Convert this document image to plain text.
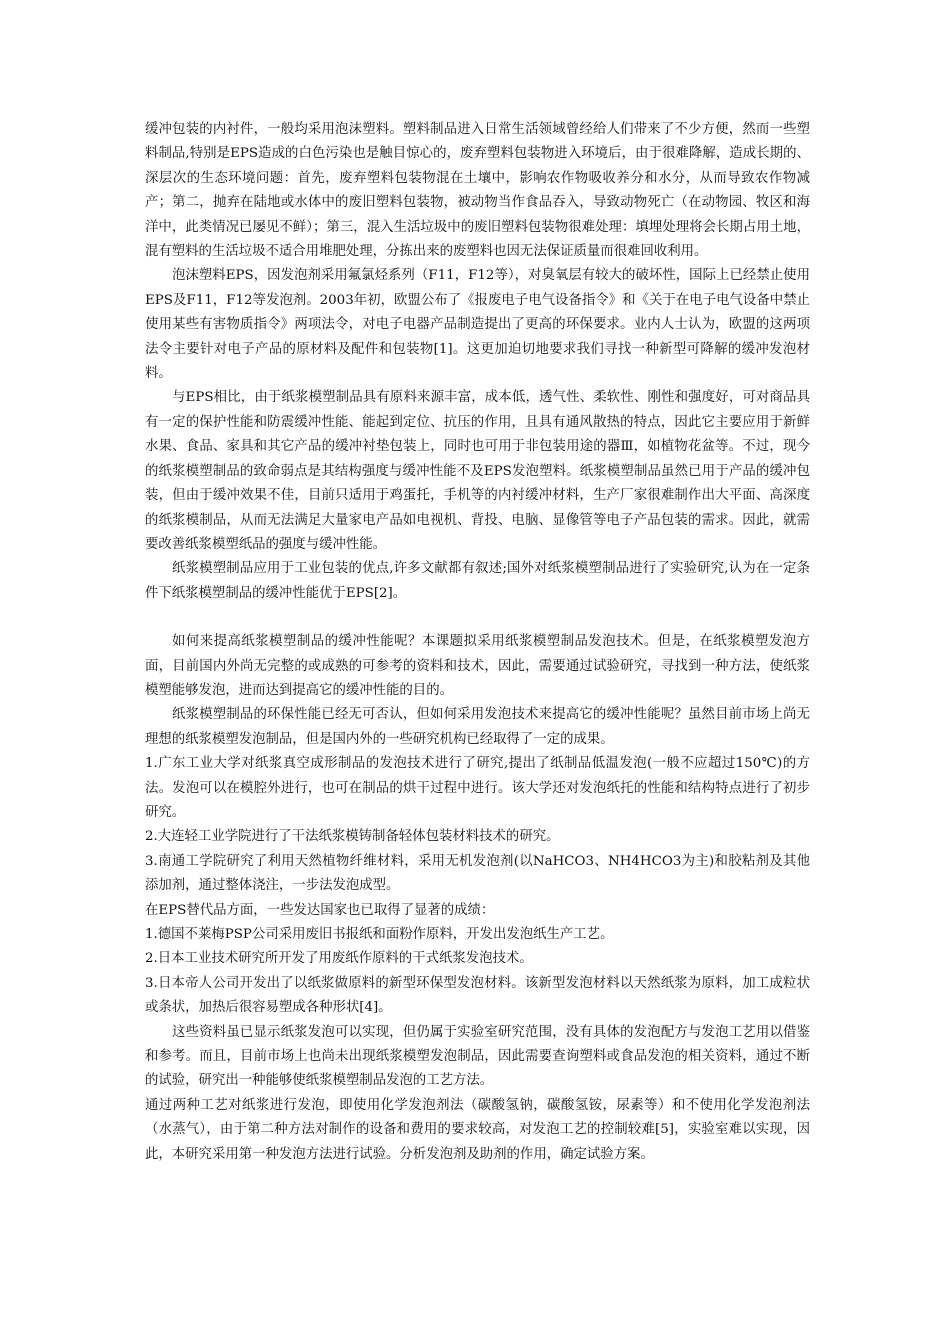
缓冲包装的内衬件，一般均采用泡沫塑料。塑料制品进入日常生活领域曾经给人们带来了不少方便，然而一些塑料制品,特别是EPS造成的白色污染也是触目惊心的，废弃塑料包装物进入环境后，由于很难降解，造成长期的、深层次的生态环境问题：首先，废弃塑料包装物混在土壤中，影响农作物吸收养分和水分，从而导致农作物减产；第二，抛弃在陆地或水体中的废旧塑料包装物，被动物当作食品吞入，导致动物死亡（在动物园、牧区和海洋中，此类情况已屡见不鲜）；第三，混入生活垃圾中的废旧塑料包装物很难处理：填埋处理将会长期占用土地，混有塑料的生活垃圾不适合用堆肥处理，分拣出来的废塑料也因无法保证质量而很难回收利用。

泡沫塑料EPS，因发泡剂采用氟氯烃系列（F11，F12等），对臭氧层有较大的破坏性，国际上已经禁止使用EPS及F11，F12等发泡剂。2003年初，欧盟公布了《报废电子电气设备指令》和《关于在电子电气设备中禁止使用某些有害物质指令》两项法令，对电子电器产品制造提出了更高的环保要求。业内人士认为，欧盟的这两项法令主要针对电子产品的原材料及配件和包装物[1]。这更加迫切地要求我们寻找一种新型可降解的缓冲发泡材料。

与EPS相比，由于纸浆模塑制品具有原料来源丰富，成本低，透气性、柔软性、刚性和强度好，可对商品具有一定的保护性能和防震缓冲性能、能起到定位、抗压的作用，且具有通风散热的特点，因此它主要应用于新鲜水果、食品、家具和其它产品的缓冲衬垫包装上，同时也可用于非包装用途的器Ⅲ，如植物花盆等。不过，现今的纸浆模塑制品的致命弱点是其结构强度与缓冲性能不及EPS发泡塑料。纸浆模塑制品虽然已用于产品的缓冲包装，但由于缓冲效果不佳，目前只适用于鸡蛋托，手机等的内衬缓冲材料，生产厂家很难制作出大平面、高深度的纸浆模制品，从而无法满足大量家电产品如电视机、背投、电脑、显像管等电子产品包装的需求。因此，就需要改善纸浆模塑纸品的强度与缓冲性能。

纸浆模塑制品应用于工业包装的优点,许多文献都有叙述;国外对纸浆模塑制品进行了实验研究,认为在一定条件下纸浆模塑制品的缓冲性能优于EPS[2]。

如何来提高纸浆模塑制品的缓冲性能呢？本课题拟采用纸浆模塑制品发泡技术。但是，在纸浆模塑发泡方面，目前国内外尚无完整的或成熟的可参考的资料和技术，因此，需要通过试验研究，寻找到一种方法，使纸浆模塑能够发泡，进而达到提高它的缓冲性能的目的。

纸浆模塑制品的环保性能已经无可否认，但如何采用发泡技术来提高它的缓冲性能呢？虽然目前市场上尚无理想的纸浆模塑发泡制品，但是国内外的一些研究机构已经取得了一定的成果。

1.广东工业大学对纸浆真空成形制品的发泡技术进行了研究,提出了纸制品低温发泡(一般不应超过150℃)的方法。发泡可以在模腔外进行，也可在制品的烘干过程中进行。该大学还对发泡纸托的性能和结构特点进行了初步研究。

2.大连轻工业学院进行了干法纸浆模铸制备轻体包装材料技术的研究。

3.南通工学院研究了利用天然植物纤维材料，采用无机发泡剂(以NaHCO3、NH4HCO3为主)和胶粘剂及其他添加剂，通过整体浇注，一步法发泡成型。

在EPS替代品方面，一些发达国家也已取得了显著的成绩：

1.德国不莱梅PSP公司采用废旧书报纸和面粉作原料，开发出发泡纸生产工艺。

2.日本工业技术研究所开发了用废纸作原料的干式纸浆发泡技术。

3.日本帝人公司开发出了以纸浆做原料的新型环保型发泡材料。该新型发泡材料以天然纸浆为原料，加工成粒状或条状，加热后很容易塑成各种形状[4]。

这些资料虽已显示纸浆发泡可以实现，但仍属于实验室研究范围，没有具体的发泡配方与发泡工艺用以借鉴和参考。而且，目前市场上也尚未出现纸浆模塑发泡制品，因此需要查询塑料或食品发泡的相关资料，通过不断的试验，研究出一种能够使纸浆模塑制品发泡的工艺方法。

通过两种工艺对纸浆进行发泡，即使用化学发泡剂法（碳酸氢钠，碳酸氢铵，尿素等）和不使用化学发泡剂法（水蒸气），由于第二种方法对制作的设备和费用的要求较高，对发泡工艺的控制较难[5]，实验室难以实现，因此，本研究采用第一种发泡方法进行试验。分析发泡剂及助剂的作用，确定试验方案。
